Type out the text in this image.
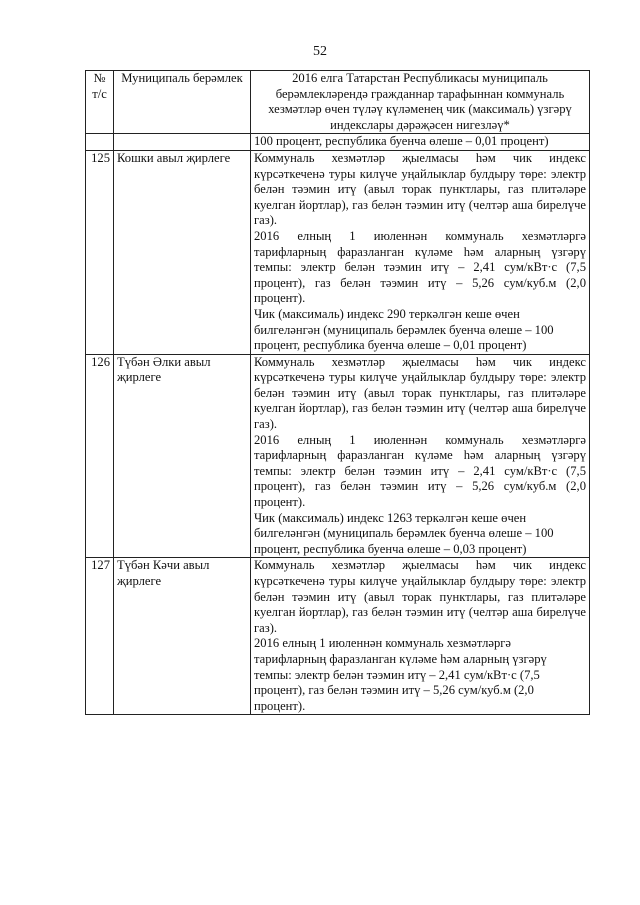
52
№ т/с	Муниципаль берәмлек	2016 елга Татарстан Республикасы муниципаль берәмлекләрендә гражданнар тарафыннан коммуналь хезмәтләр өчен түләү күләменең чик (максималь) үзгәрү индекслары дәрәҗәсен нигезләү*

		100 процент, республика буенча өлеше – 0,01 процент)

125	Кошки авыл җирлеге	Коммуналь хезмәтләр җыелмасы һәм чик индекс күрсәткеченә туры килүче уңайлыклар булдыру төре: электр белән тәэмин итү (авыл торак пунктлары, газ плитәләре куелган йортлар), газ белән тәэмин итү (челтәр аша бирелүче газ).

2016 елның 1 июленнән коммуналь хезмәтләргә тарифларның фаразланган күләме һәм аларның үзгәрү темпы: электр белән тәэмин итү – 2,41 сум/кВт·с (7,5 процент), газ белән тәэмин итү – 5,26 сум/куб.м (2,0 процент).

Чик (максималь) индекс 290 теркәлгән кеше өчен билгеләнгән (муниципаль берәмлек буенча өлеше – 100 процент, республика буенча өлеше – 0,01 процент)

126	Түбән Әлки авыл җирлеге	Коммуналь хезмәтләр җыелмасы һәм чик индекс күрсәткеченә туры килүче уңайлыклар булдыру төре: электр белән тәэмин итү (авыл торак пунктлары, газ плитәләре куелган йортлар), газ белән тәэмин итү (челтәр аша бирелүче газ).

2016 елның 1 июленнән коммуналь хезмәтләргә тарифларның фаразланган күләме һәм аларның үзгәрү темпы: электр белән тәэмин итү – 2,41 сум/кВт·с (7,5 процент), газ белән тәэмин итү – 5,26 сум/куб.м (2,0 процент).

Чик (максималь) индекс 1263 теркәлгән кеше өчен билгеләнгән (муниципаль берәмлек буенча өлеше – 100 процент, республика буенча өлеше – 0,03 процент)

127	Түбән Кәчи авыл җирлеге	Коммуналь хезмәтләр җыелмасы һәм чик индекс күрсәткеченә туры килүче уңайлыклар булдыру төре: электр белән тәэмин итү (авыл торак пунктлары, газ плитәләре куелган йортлар), газ белән тәэмин итү (челтәр аша бирелүче газ).

2016 елның 1 июленнән коммуналь хезмәтләргә тарифларның фаразланган күләме һәм аларның үзгәрү темпы: электр белән тәэмин итү – 2,41 сум/кВт·с (7,5 процент), газ белән тәэмин итү – 5,26 сум/куб.м (2,0 процент).
